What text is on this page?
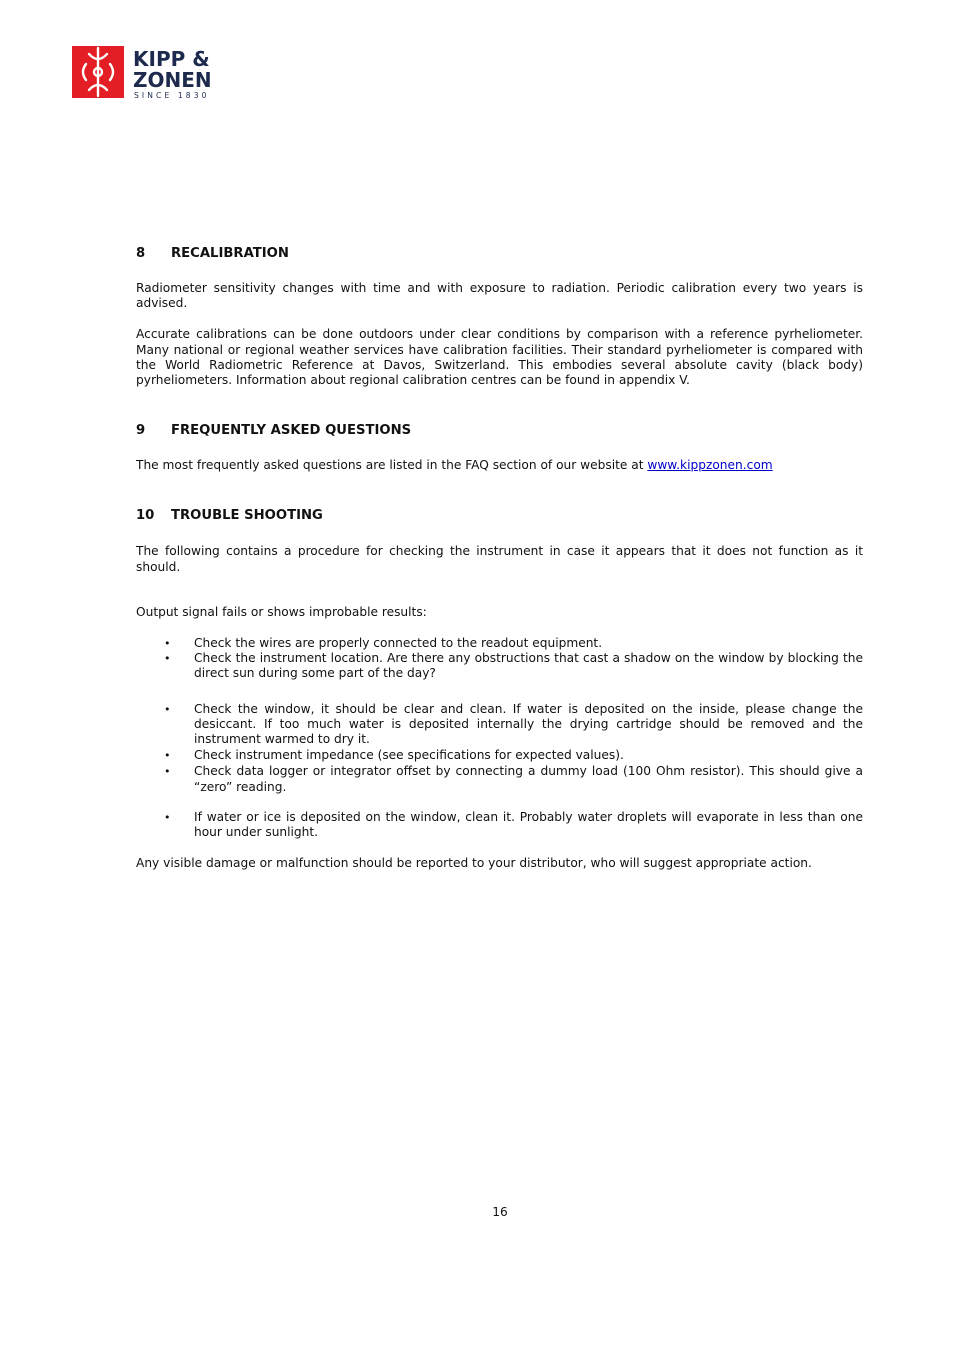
KIPP &
ZONEN
SINCE 1830
8	RECALIBRATION

Radiometer sensitivity changes with time and with exposure to radiation. Periodic calibration every two years is advised.

Accurate calibrations can be done outdoors under clear conditions by comparison with a reference pyrheliometer. Many national or regional weather services have calibration facilities. Their standard pyrheliometer is compared with the World Radiometric Reference at Davos, Switzerland. This embodies several absolute cavity (black body) pyrheliometers. Information about regional calibration centres can be found in appendix V.

9	FREQUENTLY ASKED QUESTIONS

The most frequently asked questions are listed in the FAQ section of our website at www.kippzonen.com

10	TROUBLE SHOOTING

The following contains a procedure for checking the instrument in case it appears that it does not function as it should.

Output signal fails or shows improbable results:

• Check the wires are properly connected to the readout equipment.
• Check the instrument location. Are there any obstructions that cast a shadow on the window by blocking the direct sun during some part of the day?
• Check the window, it should be clear and clean. If water is deposited on the inside, please change the desiccant. If too much water is deposited internally the drying cartridge should be removed and the instrument warmed to dry it.
• Check instrument impedance (see specifications for expected values).
• Check data logger or integrator offset by connecting a dummy load (100 Ohm resistor). This should give a “zero” reading.
• If water or ice is deposited on the window, clean it. Probably water droplets will evaporate in less than one hour under sunlight.

Any visible damage or malfunction should be reported to your distributor, who will suggest appropriate action.

16
